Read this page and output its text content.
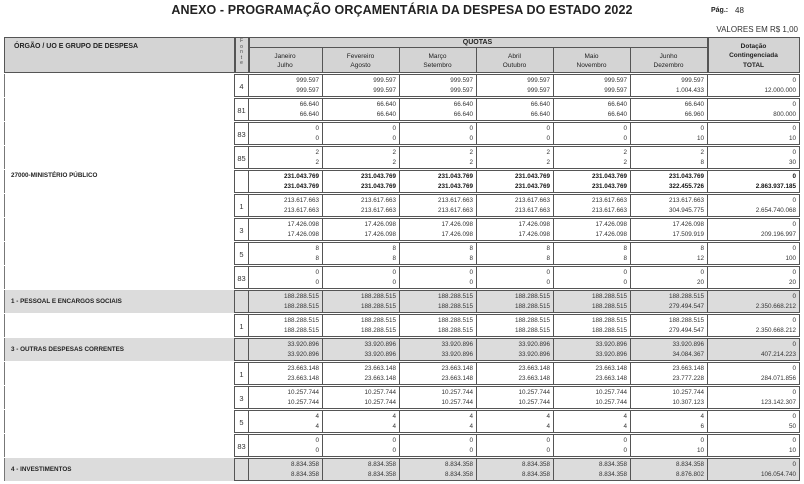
ANEXO - PROGRAMAÇÃO ORÇAMENTÁRIA DA DESPESA DO ESTADO 2022	Pág.: 48
VALORES EM R$ 1,00
ÓRGÃO / UO E GRUPO DE DESPESA
F
o
n
t
e
QUOTAS
Janeiro
Julho
Fevereiro
Agosto
Março
Setembro
Abril
Outubro
Maio
Novembro
Junho
Dezembro
Dotação
Contingenciada
TOTAL
4
999.597
999.597
999.597
999.597
999.597
999.597
999.597
999.597
999.597
999.597
999.597
1.004.433
0
12.000.000
81
66.640
66.640
66.640
66.640
66.640
66.640
66.640
66.640
66.640
66.640
66.640
66.960
0
800.000
83
0
0
0
0
0
0
0
0
0
0
0
10
0
10
85
2
2
2
2
2
2
2
2
2
2
2
8
0
30
27000-MINISTÉRIO PÚBLICO	231.043.769
231.043.769
231.043.769
231.043.769
231.043.769
231.043.769
231.043.769
231.043.769
231.043.769
231.043.769
231.043.769
322.455.726
0
2.863.937.185
1
213.617.663
213.617.663
213.617.663
213.617.663
213.617.663
213.617.663
213.617.663
213.617.663
213.617.663
213.617.663
213.617.663
304.945.775
0
2.654.740.068
3
17.426.098
17.426.098
17.426.098
17.426.098
17.426.098
17.426.098
17.426.098
17.426.098
17.426.098
17.426.098
17.426.098
17.509.919
0
209.196.997
5
8
8
8
8
8
8
8
8
8
8
8
12
0
100
83
0
0
0
0
0
0
0
0
0
0
0
20
0
20
1 - PESSOAL E ENCARGOS SOCIAIS
188.288.515
188.288.515
188.288.515
188.288.515
188.288.515
188.288.515
188.288.515
188.288.515
188.288.515
188.288.515
188.288.515
279.494.547
0
2.350.668.212
1
188.288.515
188.288.515
188.288.515
188.288.515
188.288.515
188.288.515
188.288.515
188.288.515
188.288.515
188.288.515
188.288.515
279.494.547
0
2.350.668.212
3 - OUTRAS DESPESAS CORRENTES
33.920.896
33.920.896
33.920.896
33.920.896
33.920.896
33.920.896
33.920.896
33.920.896
33.920.896
33.920.896
33.920.896
34.084.367
0
407.214.223
1
23.663.148
23.663.148
23.663.148
23.663.148
23.663.148
23.663.148
23.663.148
23.663.148
23.663.148
23.663.148
23.663.148
23.777.228
0
284.071.856
3
10.257.744
10.257.744
10.257.744
10.257.744
10.257.744
10.257.744
10.257.744
10.257.744
10.257.744
10.257.744
10.257.744
10.307.123
0
123.142.307
5
4
4
4
4
4
4
4
4
4
4
4
6
0
50
83
0
0
0
0
0
0
0
0
0
0
0
10
0
10
4 - INVESTIMENTOS
8.834.358
8.834.358
8.834.358
8.834.358
8.834.358
8.834.358
8.834.358
8.834.358
8.834.358
8.834.358
8.834.358
8.876.802
0
106.054.740
